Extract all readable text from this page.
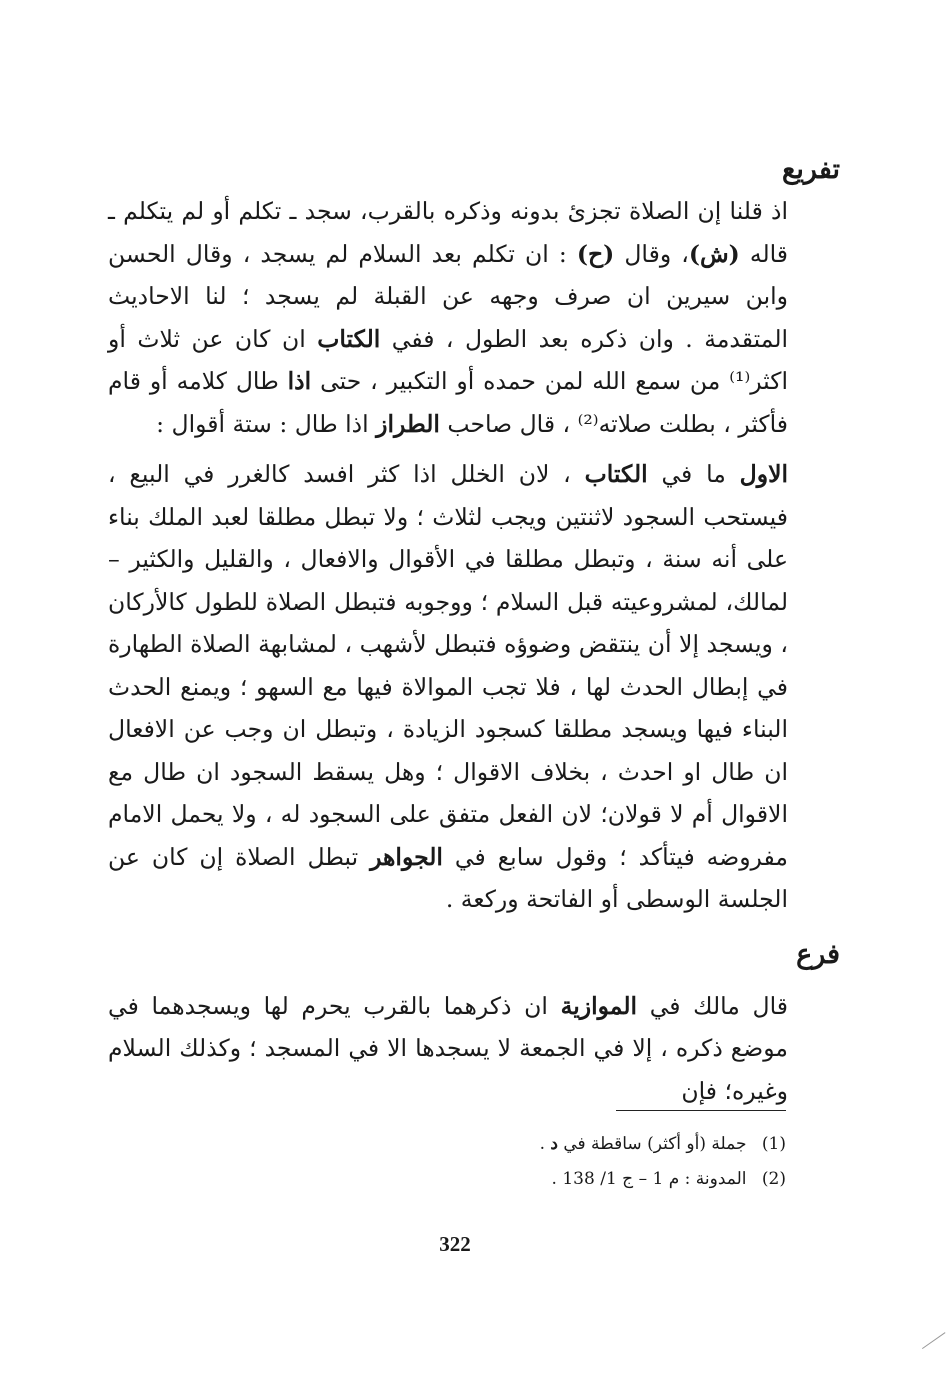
تفريع

اذ قلنا إن الصلاة تجزئ بدونه وذكره بالقرب، سجد ـ تكلم أو لم يتكلم ـ قاله (ش)، وقال (ح) : ان تكلم بعد السلام لم يسجد ، وقال الحسن وابن سيرين ان صرف وجهه عن القبلة لم يسجد ؛ لنا الاحاديث المتقدمة . وان ذكره بعد الطول ، ففي الكتاب ان كان عن ثلاث أو اكثر⁽¹⁾ من سمع الله لمن حمده أو التكبير ، حتى اذا طال كلامه أو قام فأكثر ، بطلت صلاته⁽²⁾ ، قال صاحب الطراز اذا طال : ستة أقوال :

الاول ما في الكتاب ، لان الخلل اذا كثر افسد كالغرر في البيع ، فيستحب السجود لاثنتين ويجب لثلاث ؛ ولا تبطل مطلقا لعبد الملك بناء على أنه سنة ، وتبطل مطلقا في الأقوال والافعال ، والقليل والكثير – لمالك، لمشروعيته قبل السلام ؛ ووجوبه فتبطل الصلاة للطول كالأركان ، ويسجد إلا أن ينتقض وضوؤه فتبطل لأشهب ، لمشابهة الصلاة الطهارة في إبطال الحدث لها ، فلا تجب الموالاة فيها مع السهو ؛ ويمنع الحدث البناء فيها ويسجد مطلقا كسجود الزيادة ، وتبطل ان وجب عن الافعال ان طال او احدث ، بخلاف الاقوال ؛ وهل يسقط السجود ان طال مع الاقوال أم لا قولان؛ لان الفعل متفق على السجود له ، ولا يحمل الامام مفروضه فيتأكد ؛ وقول سابع في الجواهر تبطل الصلاة إن كان عن الجلسة الوسطى أو الفاتحة وركعة .

فرع

قال مالك في الموازية ان ذكرهما بالقرب يحرم لها ويسجدهما في موضع ذكره ، إلا في الجمعة لا يسجدها الا في المسجد ؛ وكذلك السلام وغيره؛ فإن

(1) جملة (أو أكثر) ساقطة في د .
(2) المدونة : م 1 – ج 1/ 138 .
322
